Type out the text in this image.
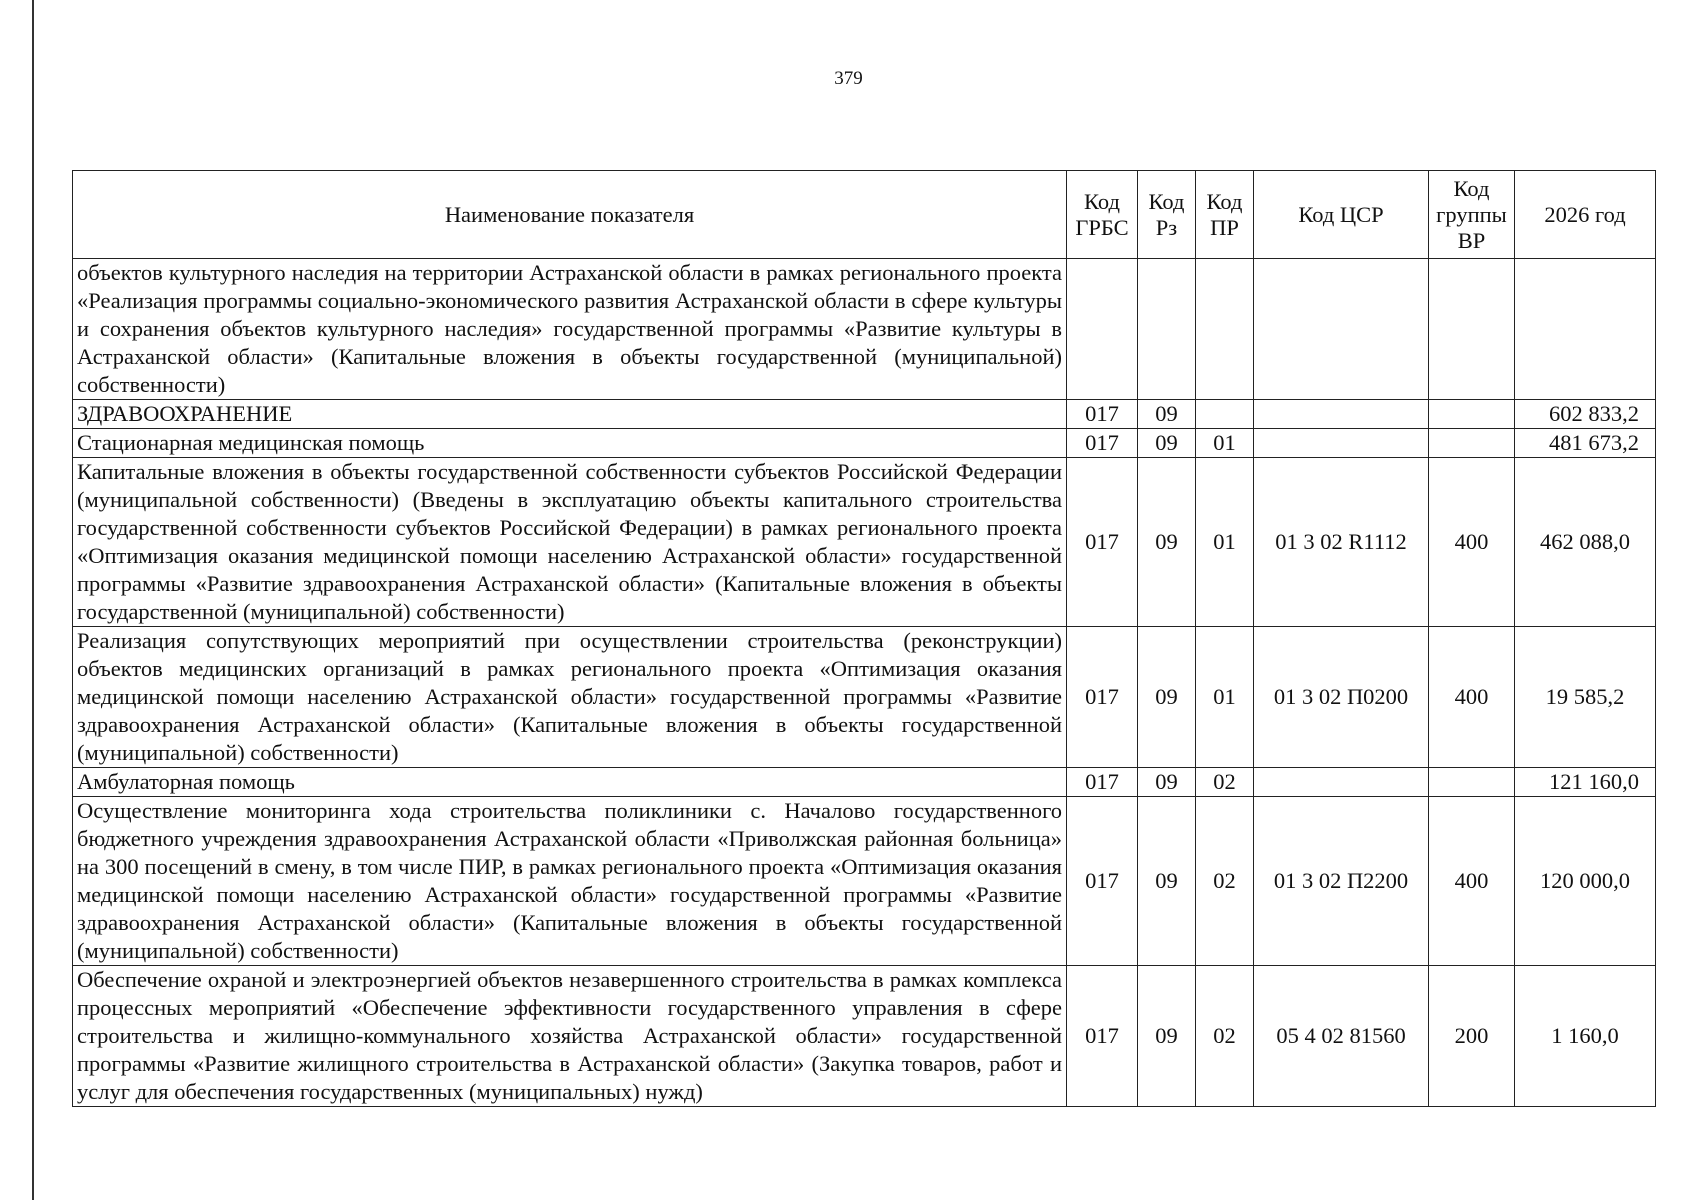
379
Наименование показателя	Код ГРБС	Код Рз	Код ПР	Код ЦСР	Код группы ВР	2026 год
объектов культурного наследия на территории Астраханской области в рамках регионального проекта «Реализация программы социально-экономического развития Астраханской области в сфере культуры и сохранения объектов культурного наследия» государственной программы «Развитие культуры в Астраханской области» (Капитальные вложения в объекты государственной (муниципальной) собственности)						
ЗДРАВООХРАНЕНИЕ	017	09				602 833,2
Стационарная медицинская помощь	017	09	01			481 673,2
Капитальные вложения в объекты государственной собственности субъектов Российской Федерации (муниципальной собственности) (Введены в эксплуатацию объекты капитального строительства государственной собственности субъектов Российской Федерации) в рамках регионального проекта «Оптимизация оказания медицинской помощи населению Астраханской области» государственной программы «Развитие здравоохранения Астраханской области» (Капитальные вложения в объекты государственной (муниципальной) собственности)	017	09	01	01 3 02 R1112	400	462 088,0
Реализация сопутствующих мероприятий при осуществлении строительства (реконструкции) объектов медицинских организаций в рамках регионального проекта «Оптимизация оказания медицинской помощи населению Астраханской области» государственной программы «Развитие здравоохранения Астраханской области» (Капитальные вложения в объекты государственной (муниципальной) собственности)	017	09	01	01 3 02 П0200	400	19 585,2
Амбулаторная помощь	017	09	02			121 160,0
Осуществление мониторинга хода строительства поликлиники с. Началово государственного бюджетного учреждения здравоохранения Астраханской области «Приволжская районная больница» на 300 посещений в смену, в том числе ПИР, в рамках регионального проекта «Оптимизация оказания медицинской помощи населению Астраханской области» государственной программы «Развитие здравоохранения Астраханской области» (Капитальные вложения в объекты государственной (муниципальной) собственности)	017	09	02	01 3 02 П2200	400	120 000,0
Обеспечение охраной и электроэнергией объектов незавершенного строительства в рамках комплекса процессных мероприятий «Обеспечение эффективности государственного управления в сфере строительства и жилищно-коммунального хозяйства Астраханской области» государственной программы «Развитие жилищного строительства в Астраханской области» (Закупка товаров, работ и услуг для обеспечения государственных (муниципальных) нужд)	017	09	02	05 4 02 81560	200	1 160,0
